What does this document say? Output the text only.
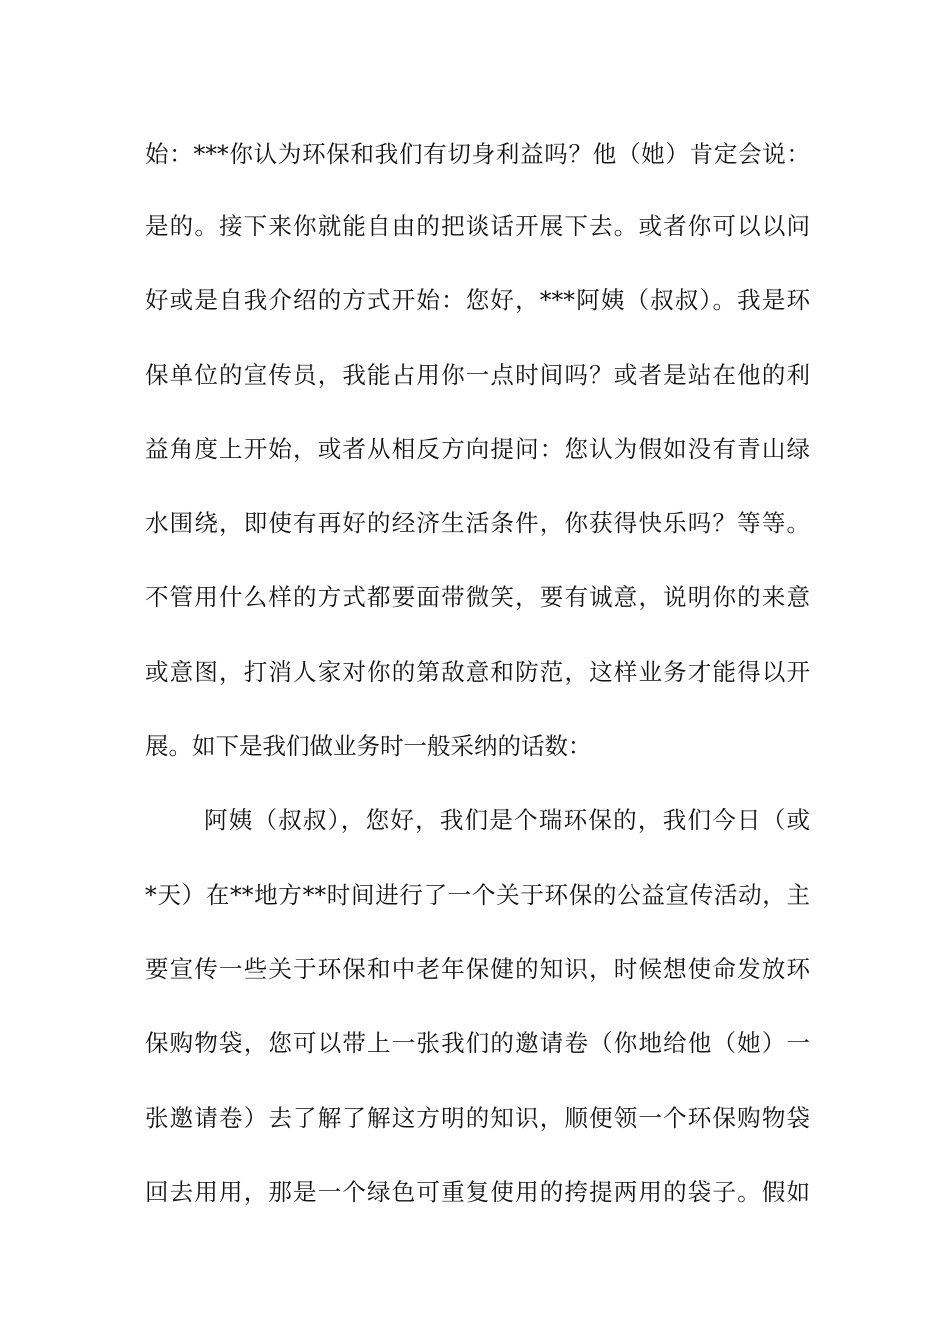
始：***你认为环保和我们有切身利益吗？他（她）肯定会说：
是的。接下来你就能自由的把谈话开展下去。或者你可以以问
好或是自我介绍的方式开始：您好，***阿姨（叔叔）。我是环
保单位的宣传员，我能占用你一点时间吗？或者是站在他的利
益角度上开始，或者从相反方向提问：您认为假如没有青山绿
水围绕，即使有再好的经济生活条件，你获得快乐吗？等等。
不管用什么样的方式都要面带微笑，要有诚意，说明你的来意
或意图，打消人家对你的第敌意和防范，这样业务才能得以开
展。如下是我们做业务时一般采纳的话数：
阿姨（叔叔），您好，我们是个瑞环保的，我们今日（或
*天）在**地方**时间进行了一个关于环保的公益宣传活动，主
要宣传一些关于环保和中老年保健的知识，时候想使命发放环
保购物袋，您可以带上一张我们的邀请卷（你地给他（她）一
张邀请卷）去了解了解这方明的知识，顺便领一个环保购物袋
回去用用，那是一个绿色可重复使用的挎提两用的袋子。假如
